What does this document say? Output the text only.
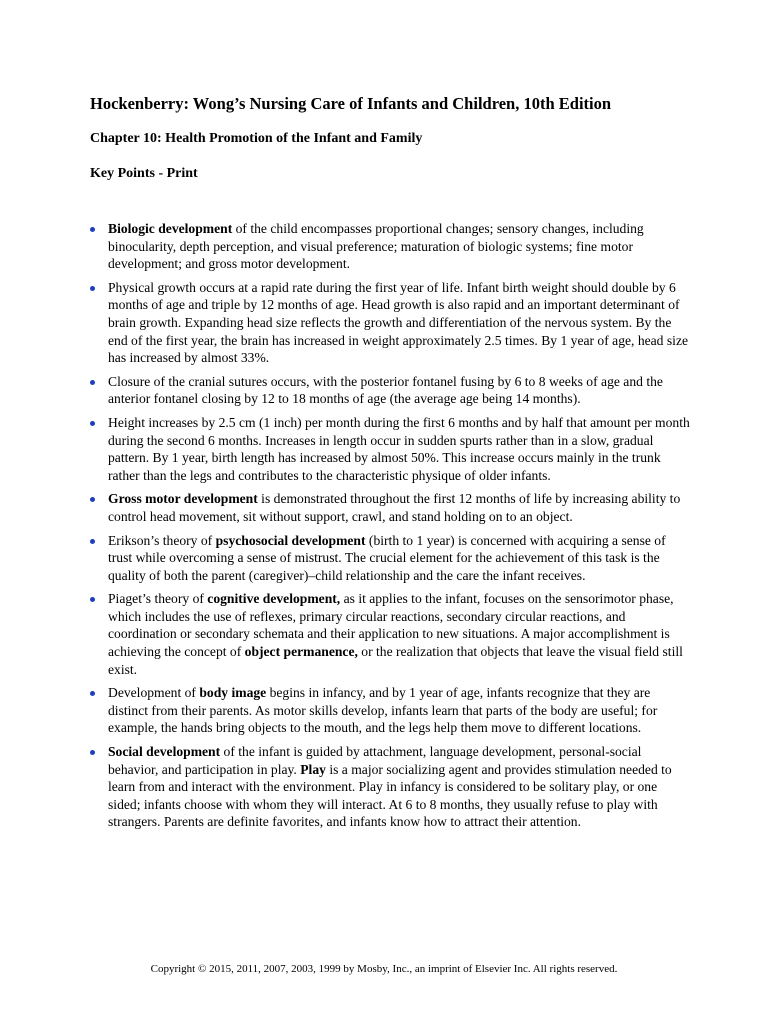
Hockenberry: Wong’s Nursing Care of Infants and Children, 10th Edition
Chapter 10: Health Promotion of the Infant and Family
Key Points - Print
Biologic development of the child encompasses proportional changes; sensory changes, including binocularity, depth perception, and visual preference; maturation of biologic systems; fine motor development; and gross motor development.
Physical growth occurs at a rapid rate during the first year of life. Infant birth weight should double by 6 months of age and triple by 12 months of age. Head growth is also rapid and an important determinant of brain growth. Expanding head size reflects the growth and differentiation of the nervous system. By the end of the first year, the brain has increased in weight approximately 2.5 times. By 1 year of age, head size has increased by almost 33%.
Closure of the cranial sutures occurs, with the posterior fontanel fusing by 6 to 8 weeks of age and the anterior fontanel closing by 12 to 18 months of age (the average age being 14 months).
Height increases by 2.5 cm (1 inch) per month during the first 6 months and by half that amount per month during the second 6 months. Increases in length occur in sudden spurts rather than in a slow, gradual pattern. By 1 year, birth length has increased by almost 50%. This increase occurs mainly in the trunk rather than the legs and contributes to the characteristic physique of older infants.
Gross motor development is demonstrated throughout the first 12 months of life by increasing ability to control head movement, sit without support, crawl, and stand holding on to an object.
Erikson’s theory of psychosocial development (birth to 1 year) is concerned with acquiring a sense of trust while overcoming a sense of mistrust. The crucial element for the achievement of this task is the quality of both the parent (caregiver)–child relationship and the care the infant receives.
Piaget’s theory of cognitive development, as it applies to the infant, focuses on the sensorimotor phase, which includes the use of reflexes, primary circular reactions, secondary circular reactions, and coordination or secondary schemata and their application to new situations. A major accomplishment is achieving the concept of object permanence, or the realization that objects that leave the visual field still exist.
Development of body image begins in infancy, and by 1 year of age, infants recognize that they are distinct from their parents. As motor skills develop, infants learn that parts of the body are useful; for example, the hands bring objects to the mouth, and the legs help them move to different locations.
Social development of the infant is guided by attachment, language development, personal-social behavior, and participation in play. Play is a major socializing agent and provides stimulation needed to learn from and interact with the environment. Play in infancy is considered to be solitary play, or one sided; infants choose with whom they will interact. At 6 to 8 months, they usually refuse to play with strangers. Parents are definite favorites, and infants know how to attract their attention.
Copyright © 2015, 2011, 2007, 2003, 1999 by Mosby, Inc., an imprint of Elsevier Inc. All rights reserved.
